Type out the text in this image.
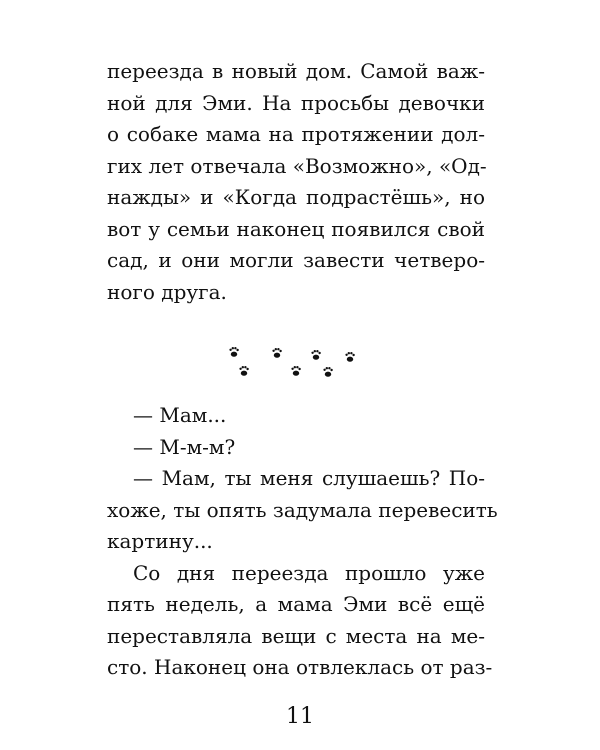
переезда в новый дом. Самой важ-
ной для Эми. На просьбы девочки
о собаке мама на протяжении дол-
гих лет отвечала «Возможно», «Од-
нажды» и «Когда подрастёшь», но
вот у семьи наконец появился свой
сад, и они могли завести четверо-
ного друга.
— Мам...
— М-м-м?
— Мам, ты меня слушаешь? По-
хоже, ты опять задумала перевесить
картину...
Со дня переезда прошло уже
пять недель, а мама Эми всё ещё
переставляла вещи с места на ме-
сто. Наконец она отвлеклась от раз-
11
